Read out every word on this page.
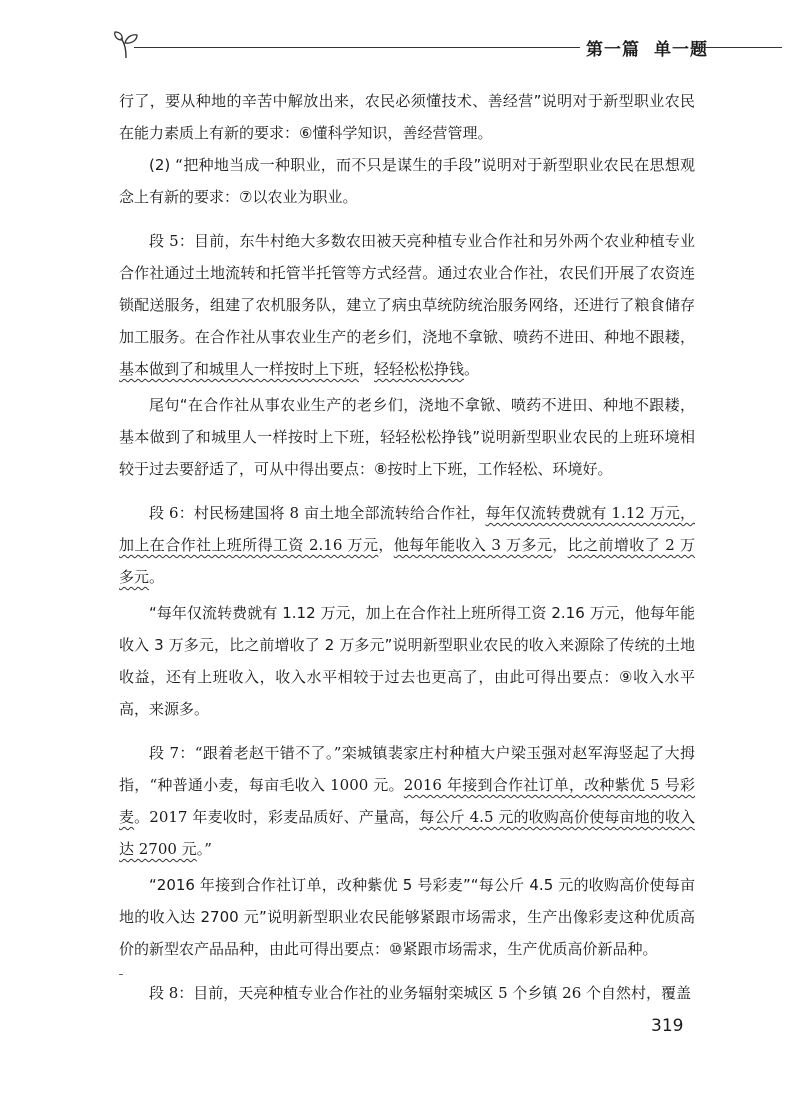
第一篇 单一题

行了，要从种地的辛苦中解放出来，农民必须懂技术、善经营”说明对于新型职业农民在能力素质上有新的要求：⑥懂科学知识，善经营管理。

(2) “把种地当成一种职业，而不只是谋生的手段”说明对于新型职业农民在思想观念上有新的要求：⑦以农业为职业。

段 5：目前，东牛村绝大多数农田被天亮种植专业合作社和另外两个农业种植专业合作社通过土地流转和托管半托管等方式经营。通过农业合作社，农民们开展了农资连锁配送服务，组建了农机服务队，建立了病虫草统防统治服务网络，还进行了粮食储存加工服务。在合作社从事农业生产的老乡们，浇地不拿锨、喷药不进田、种地不跟耧，基本做到了和城里人一样按时上下班，轻轻松松挣钱。

尾句“在合作社从事农业生产的老乡们，浇地不拿锨、喷药不进田、种地不跟耧，基本做到了和城里人一样按时上下班，轻轻松松挣钱”说明新型职业农民的上班环境相较于过去要舒适了，可从中得出要点：⑧按时上下班，工作轻松、环境好。

段 6：村民杨建国将 8 亩土地全部流转给合作社，每年仅流转费就有 1.12 万元，加上在合作社上班所得工资 2.16 万元，他每年能收入 3 万多元，比之前增收了 2 万多元。

“每年仅流转费就有 1.12 万元，加上在合作社上班所得工资 2.16 万元，他每年能收入 3 万多元，比之前增收了 2 万多元”说明新型职业农民的收入来源除了传统的土地收益，还有上班收入，收入水平相较于过去也更高了，由此可得出要点：⑨收入水平高，来源多。

段 7：“跟着老赵干错不了。”栾城镇裴家庄村种植大户梁玉强对赵军海竖起了大拇指，“种普通小麦，每亩毛收入 1000 元。2016 年接到合作社订单，改种紫优 5 号彩麦。2017 年麦收时，彩麦品质好、产量高，每公斤 4.5 元的收购高价使每亩地的收入达 2700 元。”

“2016 年接到合作社订单，改种紫优 5 号彩麦”“每公斤 4.5 元的收购高价使每亩地的收入达 2700 元”说明新型职业农民能够紧跟市场需求，生产出像彩麦这种优质高价的新型农产品品种，由此可得出要点：⑩紧跟市场需求，生产优质高价新品种。

段 8：目前，天亮种植专业合作社的业务辐射栾城区 5 个乡镇 26 个自然村，覆盖

319
